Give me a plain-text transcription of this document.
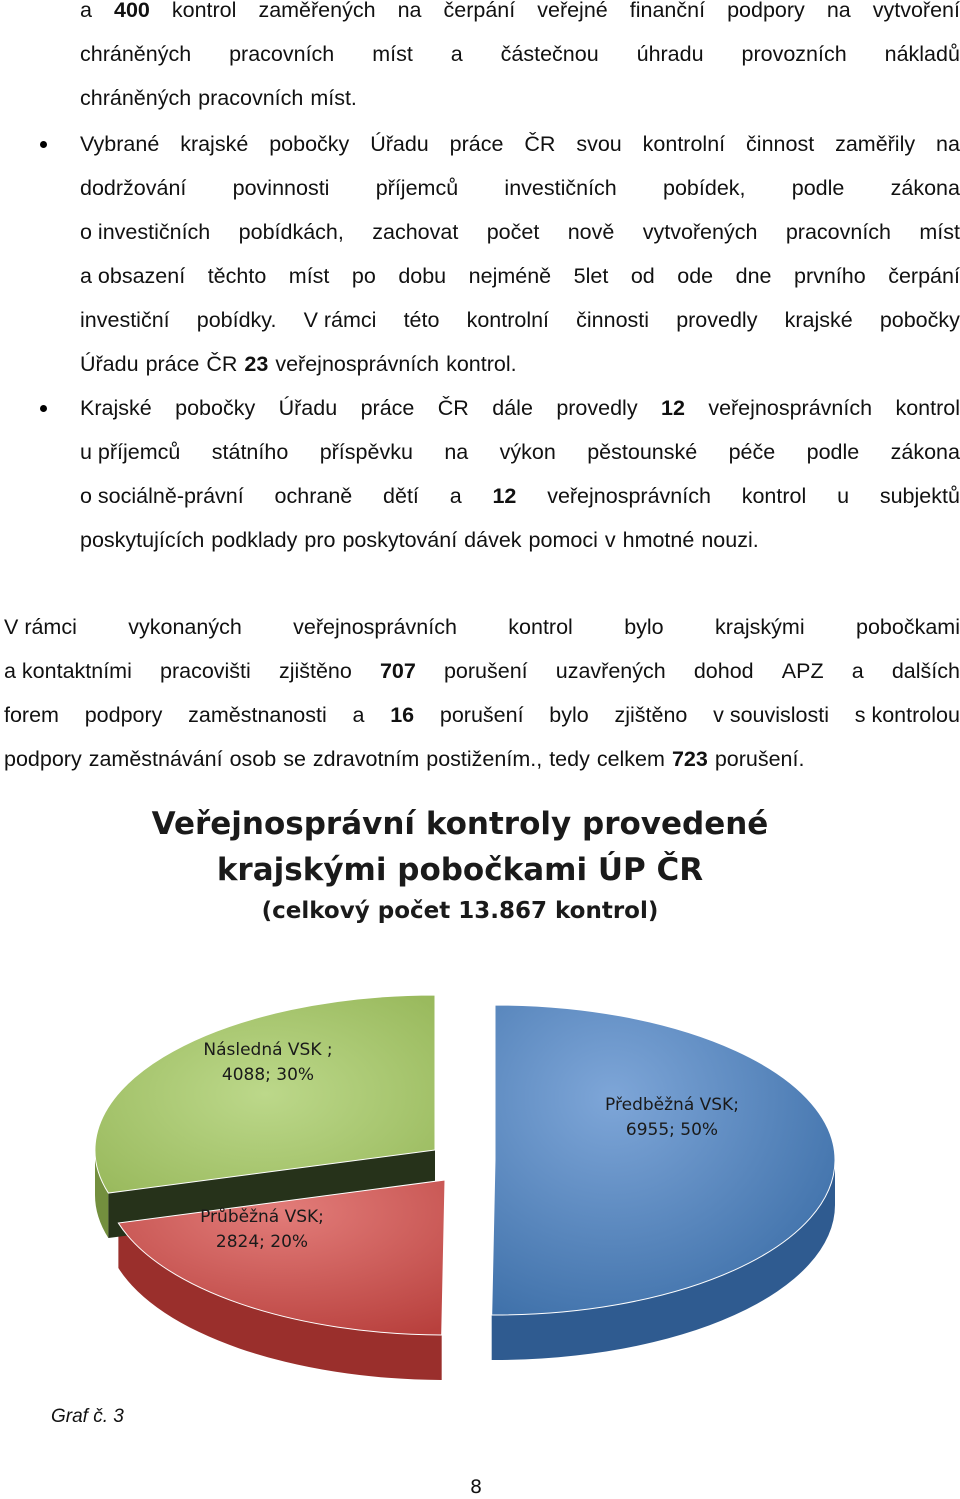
a 400 kontrol zaměřených na čerpání veřejné finanční podpory na vytvoření
chráněných pracovních míst a částečnou úhradu provozních nákladů
chráněných pracovních míst.
Vybrané krajské pobočky Úřadu práce ČR svou kontrolní činnost zaměřily na
dodržování povinnosti příjemců investičních pobídek, podle zákona
o investičních pobídkách, zachovat počet nově vytvořených pracovních míst
a obsazení těchto míst po dobu nejméně 5let od ode dne prvního čerpání
investiční pobídky. V rámci této kontrolní činnosti provedly krajské pobočky
Úřadu práce ČR 23 veřejnosprávních kontrol.
Krajské pobočky Úřadu práce ČR dále provedly 12 veřejnosprávních kontrol
u příjemců státního příspěvku na výkon pěstounské péče podle zákona
o sociálně-právní ochraně dětí a 12 veřejnosprávních kontrol u subjektů
poskytujících podklady pro poskytování dávek pomoci v hmotné nouzi.
V rámci vykonaných veřejnosprávních kontrol bylo krajskými pobočkami
a kontaktními pracovišti zjištěno 707 porušení uzavřených dohod APZ a dalších
forem podpory zaměstnanosti a 16 porušení bylo zjištěno v souvislosti s kontrolou
podpory zaměstnávání osob se zdravotním postižením., tedy celkem 723 porušení.
Veřejnosprávní kontroly provedené
krajskými pobočkami ÚP ČR
(celkový počet 13.867 kontrol)
Předběžná VSK;
6955; 50%
Průběžná VSK;
2824; 20%
Následná VSK ;
4088; 30%
Graf č. 3
8
